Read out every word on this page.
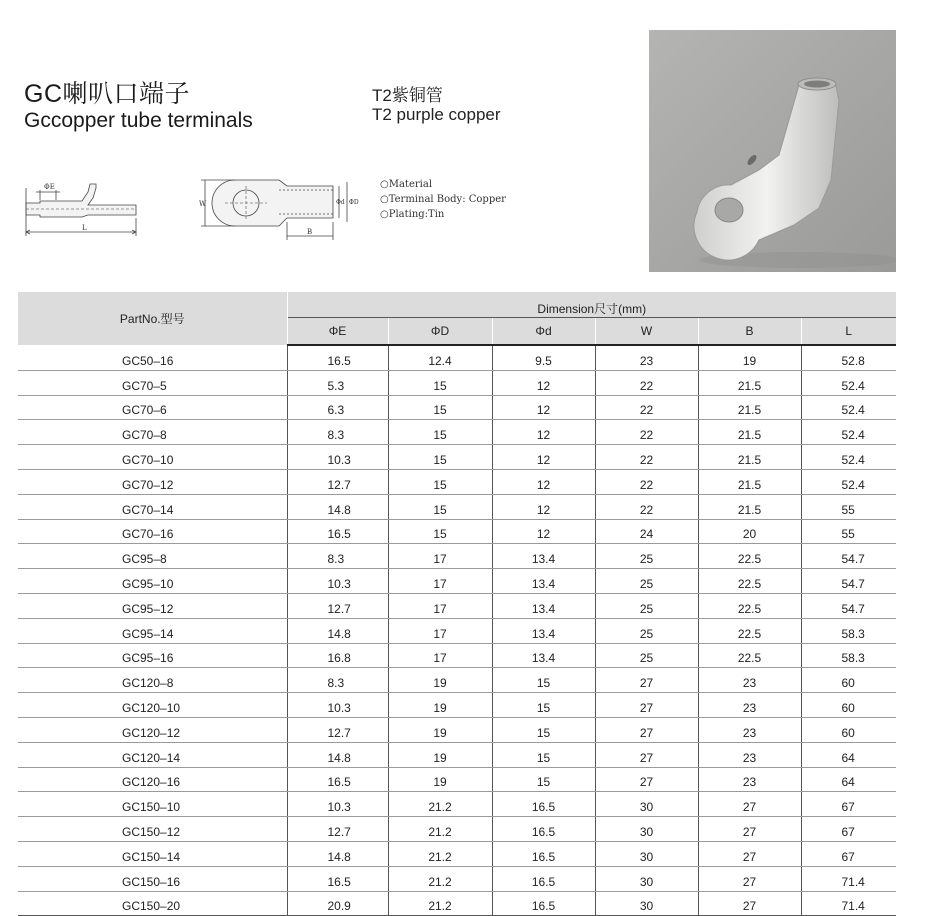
GC喇叭口端子
Gccopper tube terminals
T2紫铜管
T2 purple copper
ΦE
L
W	Φd ΦD
B
○Material
○Terminal Body: Copper
○Plating:Tin
PartNo.型号	Dimension尺寸(mm)					
	ΦE	ΦD	Φd	W	B	L
GC50–16	16.5	12.4	9.5	23	19	52.8
GC70–5	5.3	15	12	22	21.5	52.4
GC70–6	6.3	15	12	22	21.5	52.4
GC70–8	8.3	15	12	22	21.5	52.4
GC70–10	10.3	15	12	22	21.5	52.4
GC70–12	12.7	15	12	22	21.5	52.4
GC70–14	14.8	15	12	22	21.5	55
GC70–16	16.5	15	12	24	20	55
GC95–8	8.3	17	13.4	25	22.5	54.7
GC95–10	10.3	17	13.4	25	22.5	54.7
GC95–12	12.7	17	13.4	25	22.5	54.7
GC95–14	14.8	17	13.4	25	22.5	58.3
GC95–16	16.8	17	13.4	25	22.5	58.3
GC120–8	8.3	19	15	27	23	60
GC120–10	10.3	19	15	27	23	60
GC120–12	12.7	19	15	27	23	60
GC120–14	14.8	19	15	27	23	64
GC120–16	16.5	19	15	27	23	64
GC150–10	10.3	21.2	16.5	30	27	67
GC150–12	12.7	21.2	16.5	30	27	67
GC150–14	14.8	21.2	16.5	30	27	67
GC150–16	16.5	21.2	16.5	30	27	71.4
GC150–20	20.9	21.2	16.5	30	27	71.4
